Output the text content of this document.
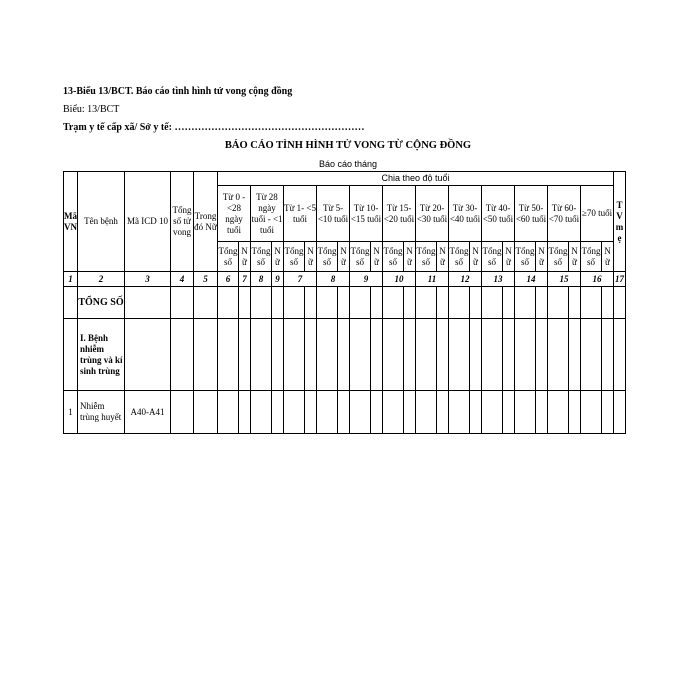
13-Biểu 13/BCT. Báo cáo tình hình tử vong cộng đồng
Biểu: 13/BCT
Trạm y tế cấp xã/ Sở y tế: …………………………………………………
BÁO CÁO TÌNH HÌNH TỬ VONG TỪ CỘNG ĐỒNG
Báo cáo tháng
Mã VN	Tên bệnh	Mã ICD 10	Tổng số tử vong	Trong đó Nữ	Chia theo độ tuổi																								T V m ẹ
					Từ 0 - <28 ngày tuổi		Từ 28 ngày tuổi - <1 tuổi		Từ 1- <5 tuổi		Từ 5- <10 tuổi		Từ 10- <15 tuổi		Từ 15- <20 tuổi		Từ 20- <30 tuổi		Từ 30- <40 tuổi		Từ 40- <50 tuổi		Từ 50- <60 tuổi		Từ 60- <70 tuổi		≥70 tuổi		
					Tổng số	Nữ	Tổng số	Nữ	Tổng số	Nữ	Tổng số	Nữ	Tổng số	Nữ	Tổng số	Nữ	Tổng số	Nữ	Tổng số	Nữ	Tổng số	Nữ	Tổng số	Nữ	Tổng số	Nữ	Tổng số	Nữ	
1	2	3	4	5	6	7	8	9	7		8		9		10		11		12		13		14		15		16		17
	TỔNG SỐ																												
	I. Bệnh nhiễm trùng và kí sinh trùng																												
1	Nhiễm trùng huyết	A40-A41																											
